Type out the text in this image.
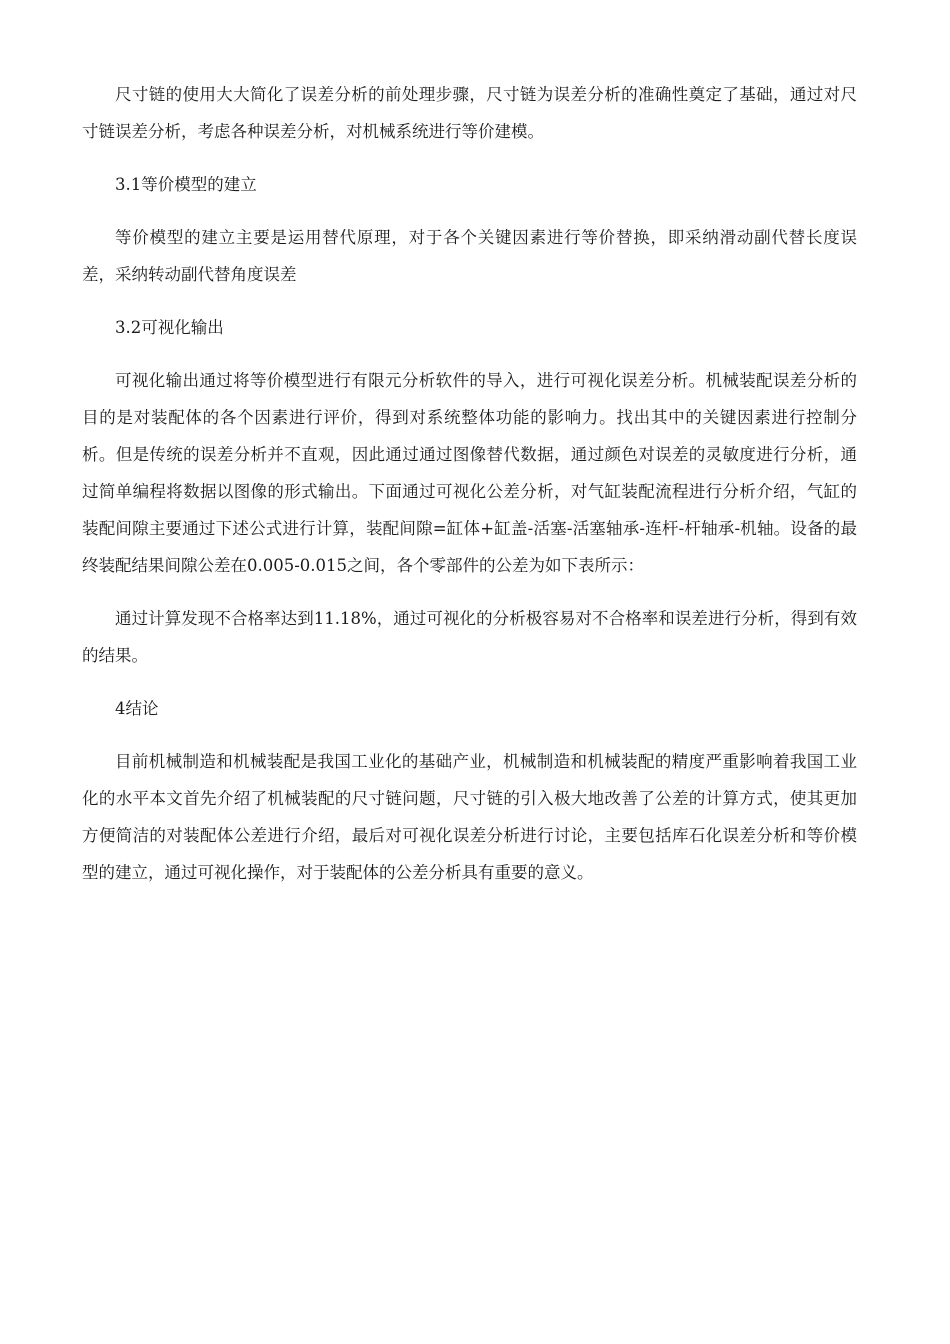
尺寸链的使用大大简化了误差分析的前处理步骤，尺寸链为误差分析的准确性奠定了基础，通过对尺寸链误差分析，考虑各种误差分析，对机械系统进行等价建模。

3.1等价模型的建立

等价模型的建立主要是运用替代原理，对于各个关键因素进行等价替换，即采纳滑动副代替长度误差，采纳转动副代替角度误差

3.2可视化输出

可视化输出通过将等价模型进行有限元分析软件的导入，进行可视化误差分析。机械装配误差分析的目的是对装配体的各个因素进行评价，得到对系统整体功能的影响力。找出其中的关键因素进行控制分析。但是传统的误差分析并不直观，因此通过通过图像替代数据，通过颜色对误差的灵敏度进行分析，通过简单编程将数据以图像的形式输出。下面通过可视化公差分析，对气缸装配流程进行分析介绍，气缸的装配间隙主要通过下述公式进行计算，装配间隙=缸体+缸盖-活塞-活塞轴承-连杆-杆轴承-机轴。设备的最终装配结果间隙公差在0.005-0.015之间，各个零部件的公差为如下表所示：

通过计算发现不合格率达到11.18%，通过可视化的分析极容易对不合格率和误差进行分析，得到有效的结果。

4结论

目前机械制造和机械装配是我国工业化的基础产业，机械制造和机械装配的精度严重影响着我国工业化的水平本文首先介绍了机械装配的尺寸链问题，尺寸链的引入极大地改善了公差的计算方式，使其更加方便简洁的对装配体公差进行介绍，最后对可视化误差分析进行讨论，主要包括库石化误差分析和等价模型的建立，通过可视化操作，对于装配体的公差分析具有重要的意义。
